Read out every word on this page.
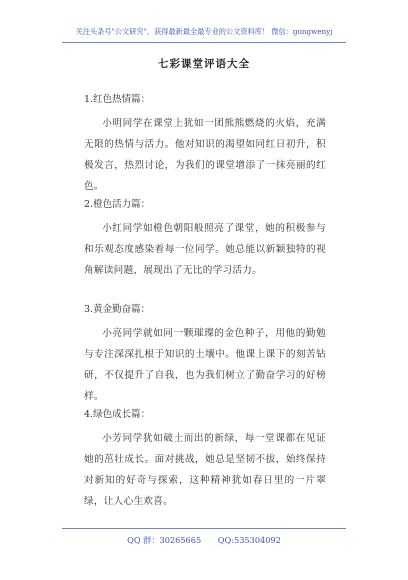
关注头条号"公文研究"，获得最新最全最专业的公文资料库！ 微信：gongwenyj
七彩课堂评语大全
1.红色热情篇：
小明同学在课堂上犹如一团熊熊燃烧的火焰，充满无限的热情与活力。他对知识的渴望如同红日初升，积极发言，热烈讨论，为我们的课堂增添了一抹亮丽的红色。
2.橙色活力篇：
小红同学如橙色朝阳般照亮了课堂，她的积极参与和乐观态度感染着每一位同学。她总能以新颖独特的视角解读问题，展现出了无比的学习活力。
3.黄金勤奋篇：
小亮同学就如同一颗璀璨的金色种子，用他的勤勉与专注深深扎根于知识的土壤中。他课上课下的刻苦钻研，不仅提升了自我，也为我们树立了勤奋学习的好榜样。
4.绿色成长篇：
小芳同学犹如破土而出的新绿，每一堂课都在见证她的茁壮成长。面对挑战，她总是坚韧不拔，始终保持对新知的好奇与探索，这种精神犹如春日里的一片翠绿，让人心生欢喜。
QQ 群：30265665 QQ:535304092
